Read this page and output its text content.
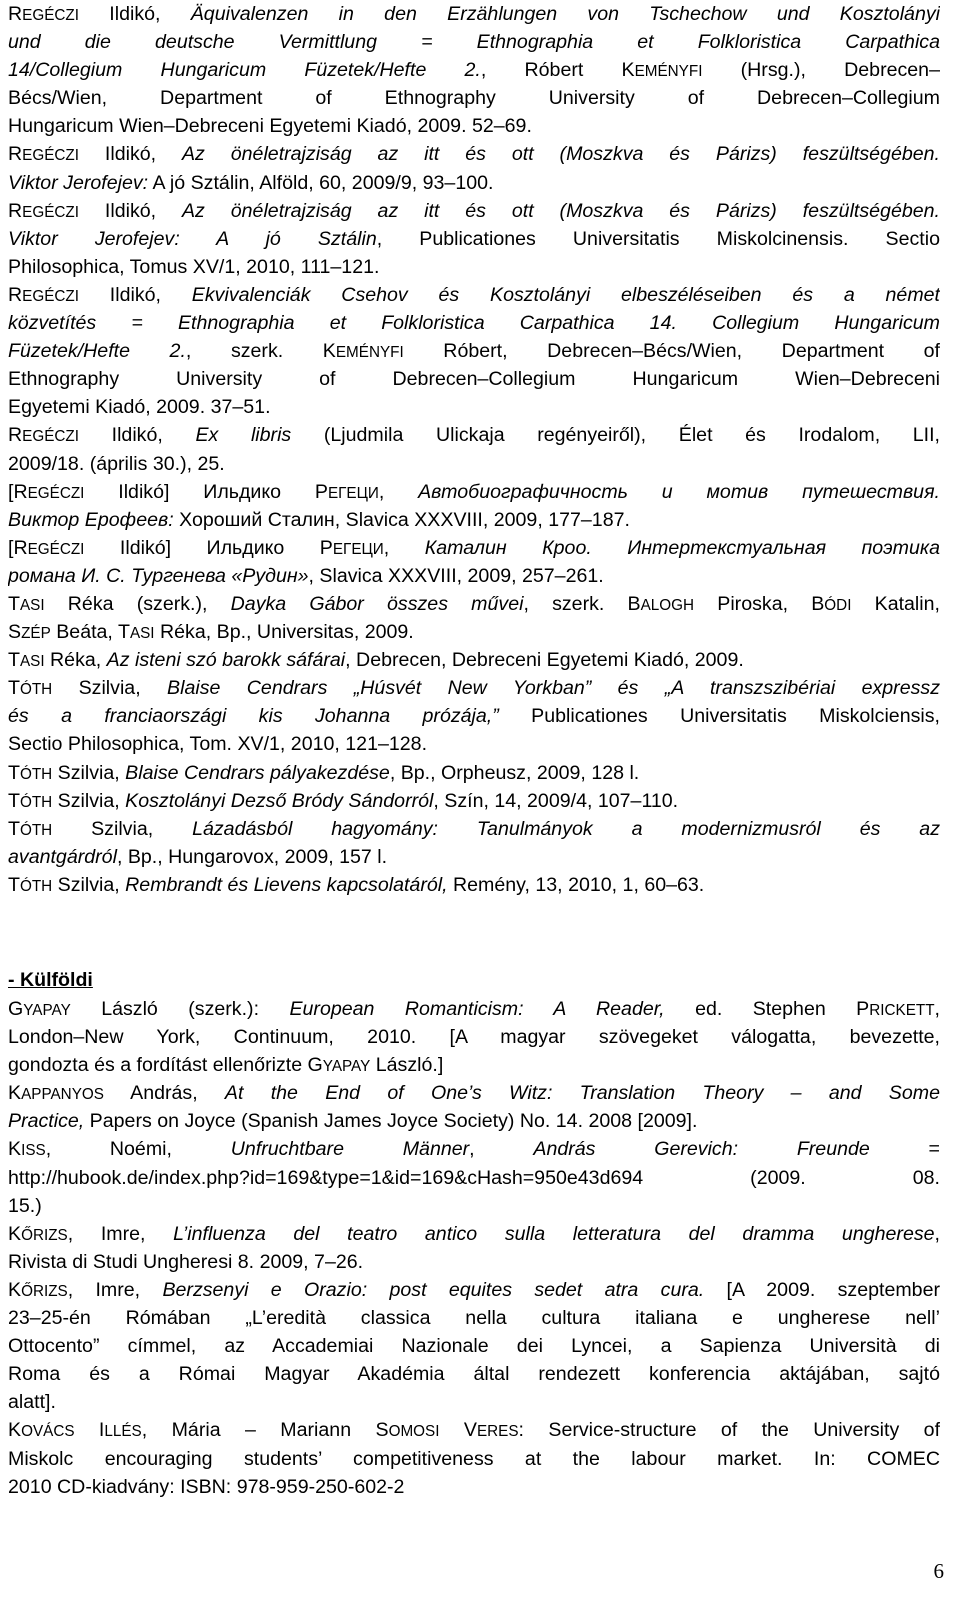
REGÉCZI Ildikó, Äquivalenzen in den Erzählungen von Tschechow und Kosztolányi
und die deutsche Vermittlung = Ethnographia et Folkloristica Carpathica
14/Collegium Hungaricum Füzetek/Hefte 2., Róbert KEMÉNYFI (Hrsg.), Debrecen–
Bécs/Wien, Department of Ethnography University of Debrecen–Collegium
Hungaricum Wien–Debreceni Egyetemi Kiadó, 2009. 52–69.
REGÉCZI Ildikó, Az önéletrajziság az itt és ott (Moszkva és Párizs) feszültségében.
Viktor Jerofejev: A jó Sztálin, Alföld, 60, 2009/9, 93–100.
REGÉCZI Ildikó, Az önéletrajziság az itt és ott (Moszkva és Párizs) feszültségében.
Viktor Jerofejev: A jó Sztálin, Publicationes Universitatis Miskolcinensis. Sectio
Philosophica, Tomus XV/1, 2010, 111–121.
REGÉCZI Ildikó, Ekvivalenciák Csehov és Kosztolányi elbeszéléseiben és a német
közvetítés = Ethnographia et Folkloristica Carpathica 14. Collegium Hungaricum
Füzetek/Hefte 2., szerk. KEMÉNYFI Róbert, Debrecen–Bécs/Wien, Department of
Ethnography University of Debrecen–Collegium Hungaricum Wien–Debreceni
Egyetemi Kiadó, 2009. 37–51.
REGÉCZI Ildikó, Ex libris (Ljudmila Ulickaja regényeiről), Élet és Irodalom, LII,
2009/18. (április 30.), 25.
[REGÉCZI Ildikó] Ильдико РЕГЕЦИ, Автобиографичность и мотив путешествия.
Виктор Ерофеев: Хороший Сталин, Slavica XXXVIII, 2009, 177–187.
[REGÉCZI Ildikó] Ильдико РЕГЕЦИ, Каталин Кроо. Интертекстуальная поэтика
романа И. С. Тургенева «Рудин», Slavica XXXVIII, 2009, 257–261.
TASI Réka (szerk.), Dayka Gábor összes művei, szerk. BALOGH Piroska, BÓDI Katalin,
SZÉP Beáta, TASI Réka, Bp., Universitas, 2009.
TASI Réka, Az isteni szó barokk sáfárai, Debrecen, Debreceni Egyetemi Kiadó, 2009.
TÓTH Szilvia, Blaise Cendrars „Húsvét New Yorkban” és „A transzszibériai expressz
és a franciaországi kis Johanna prózája,” Publicationes Universitatis Miskolciensis,
Sectio Philosophica, Tom. XV/1, 2010, 121–128.
TÓTH Szilvia, Blaise Cendrars pályakezdése, Bp., Orpheusz, 2009, 128 l.
TÓTH Szilvia, Kosztolányi Dezső Bródy Sándorról, Szín, 14, 2009/4, 107–110.
TÓTH Szilvia, Lázadásból hagyomány: Tanulmányok a modernizmusról és az
avantgárdról, Bp., Hungarovox, 2009, 157 l.
TÓTH Szilvia, Rembrandt és Lievens kapcsolatáról, Remény, 13, 2010, 1, 60–63.
- Külföldi
GYAPAY László (szerk.): European Romanticism: A Reader, ed. Stephen PRICKETT,
London–New York, Continuum, 2010. [A magyar szövegeket válogatta, bevezette,
gondozta és a fordítást ellenőrizte GYAPAY László.]
KAPPANYOS András, At the End of One’s Witz: Translation Theory – and Some
Practice, Papers on Joyce (Spanish James Joyce Society) No. 14. 2008 [2009].
KISS, Noémi, Unfruchtbare Männer, András Gerevich: Freunde =
http://hubook.de/index.php?id=169&type=1&id=169&cHash=950e43d694 (2009. 08.
15.)
KŐRIZS, Imre, L’influenza del teatro antico sulla letteratura del dramma ungherese,
Rivista di Studi Ungheresi 8. 2009, 7–26.
KŐRIZS, Imre, Berzsenyi e Orazio: post equites sedet atra cura. [A 2009. szeptember
23–25-én Rómában „L’eredità classica nella cultura italiana e ungherese nell’
Ottocento” címmel, az Accademiai Nazionale dei Lyncei, a Sapienza Università di
Roma és a Római Magyar Akadémia által rendezett konferencia aktájában, sajtó
alatt].
KOVÁCS ILLÉS, Mária – Mariann SOMOSI VERES: Service-structure of the University of
Miskolc encouraging students’ competitiveness at the labour market. In: COMEC
2010 CD-kiadvány: ISBN: 978-959-250-602-2
6
